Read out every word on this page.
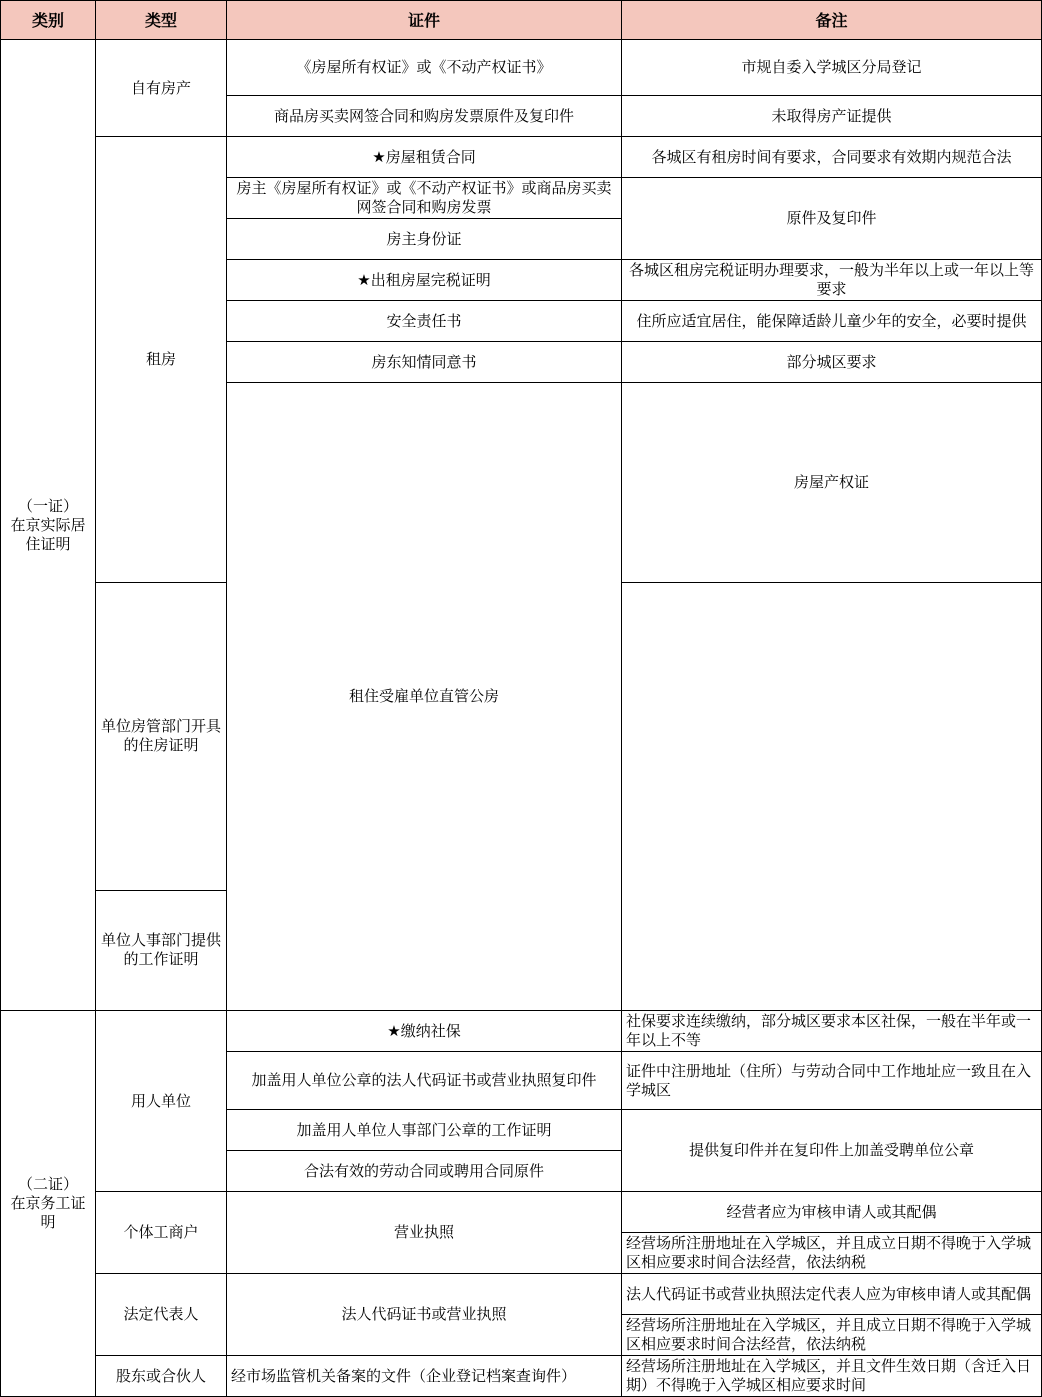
类别	类型	证件	备注	

（一证）
在京实际居住证明	自有房产	《房屋所有权证》或《不动产权证书》	市规自委入学城区分局登记	
		商品房买卖网签合同和购房发票原件及复印件	未取得房产证提供	
	租房	★房屋租赁合同	各城区有租房时间有要求，合同要求有效期内规范合法	
		房主《房屋所有权证》或《不动产权证书》或商品房买卖网签合同和购房发票	原件及复印件	
		房主身份证		
		★出租房屋完税证明	各城区租房完税证明办理要求，一般为半年以上或一年以上等要求	
		安全责任书	住所应适宜居住，能保障适龄儿童少年的安全，必要时提供	
		房东知情同意书	部分城区要求	
		租住受雇单位直管公房	房屋产权证	
	单位房管部门开具的住房证明			
	单位人事部门提供的工作证明			

（二证）
在京务工证明	用人单位	★缴纳社保	社保要求连续缴纳，部分城区要求本区社保，一般在半年或一年以上不等	
		加盖用人单位公章的法人代码证书或营业执照复印件	证件中注册地址（住所）与劳动合同中工作地址应一致且在入学城区	
		加盖用人单位人事部门公章的工作证明	提供复印件并在复印件上加盖受聘单位公章	
		合法有效的劳动合同或聘用合同原件		
	个体工商户	营业执照	经营者应为审核申请人或其配偶	
			经营场所注册地址在入学城区，并且成立日期不得晚于入学城区相应要求时间合法经营，依法纳税	
	法定代表人	法人代码证书或营业执照	法人代码证书或营业执照法定代表人应为审核申请人或其配偶	
			经营场所注册地址在入学城区，并且成立日期不得晚于入学城区相应要求时间合法经营，依法纳税	
	股东或合伙人	经市场监管机关备案的文件（企业登记档案查询件）	经营场所注册地址在入学城区，并且文件生效日期（含迁入日期）不得晚于入学城区相应要求时间	
